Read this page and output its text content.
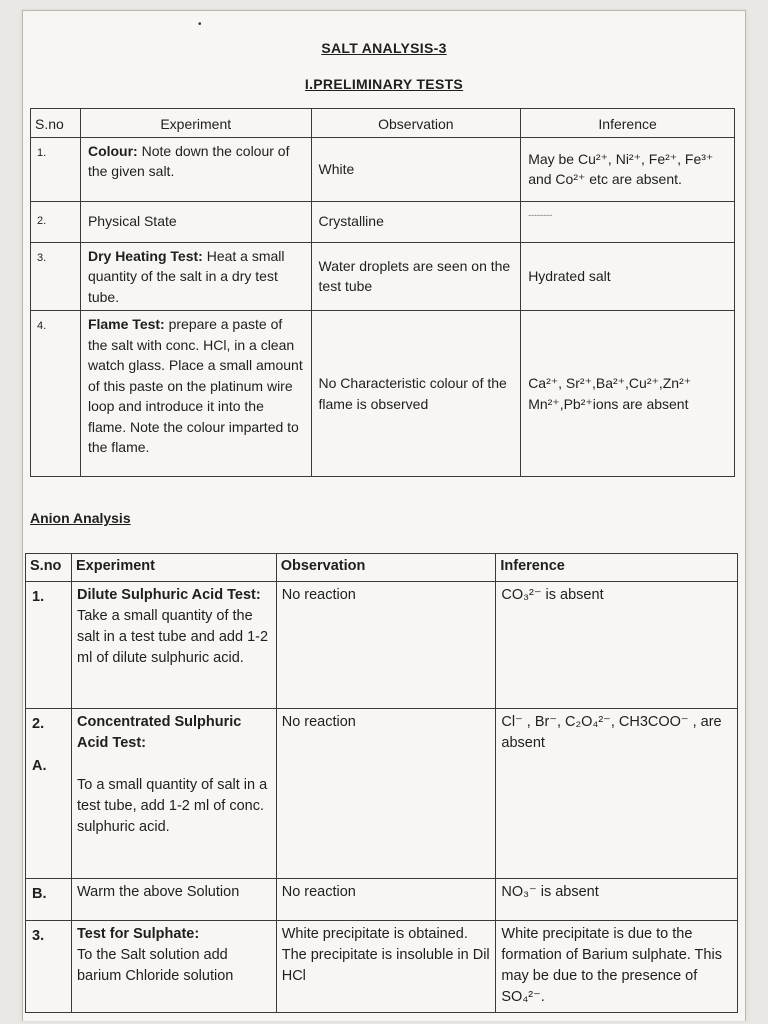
•
SALT ANALYSIS-3
I.PRELIMINARY TESTS
S.no	Experiment	Observation	Inference
1.	Colour: Note down the colour of the given salt.	White	May be Cu²⁺, Ni²⁺, Fe²⁺, Fe³⁺ and Co²⁺ etc are absent.
2.	Physical State	Crystalline	--------
3.	Dry Heating Test: Heat a small quantity of the salt in a dry test tube.	Water droplets are seen on the test tube	Hydrated salt
4.	Flame Test: prepare a paste of the salt with conc. HCl, in a clean watch glass. Place a small amount of this paste on the platinum wire loop and introduce it into the flame. Note the colour imparted to the flame.	No Characteristic colour of the flame is observed	Ca²⁺, Sr²⁺,Ba²⁺,Cu²⁺,Zn²⁺ Mn²⁺,Pb²⁺ions are absent
Anion Analysis
S.no	Experiment	Observation	Inference
1.	Dilute Sulphuric Acid Test:
Take a small quantity of the salt in a test tube and add 1-2 ml of dilute sulphuric acid.	No reaction	CO₃²⁻ is absent
2.
A.	Concentrated Sulphuric Acid Test:

To a small quantity of salt in a test tube, add 1-2 ml of conc. sulphuric acid.	No reaction	Cl⁻ , Br⁻, C₂O₄²⁻, CH3COO⁻ , are absent
B.	Warm the above Solution	No reaction	NO₃⁻ is absent
3.	Test for Sulphate:
To the Salt solution add barium Chloride solution	White precipitate is obtained. The precipitate is insoluble in Dil HCl	White precipitate is due to the formation of Barium sulphate. This may be due to the presence of SO₄²⁻.
